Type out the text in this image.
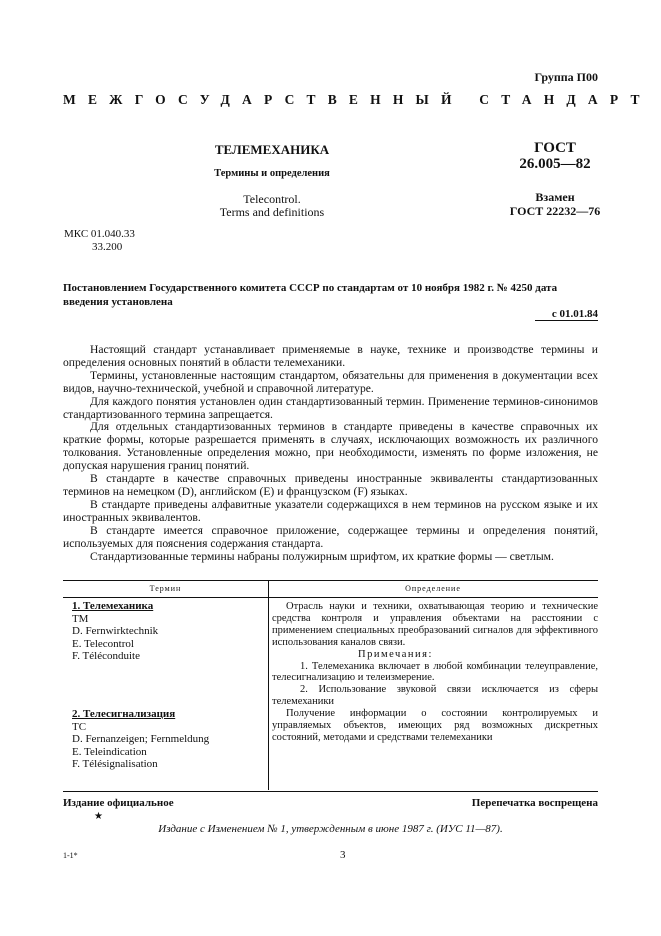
Группа П00
МЕЖГОСУДАРСТВЕННЫЙ СТАНДАРТ
ТЕЛЕМЕХАНИКА
Термины и определения
Telecontrol.
Terms and definitions
ГОСТ
26.005—82
Взамен
ГОСТ 22232—76
МКС 01.040.33
33.200
Постановлением Государственного комитета СССР по стандартам от 10 ноября 1982 г. № 4250 дата введения установлена
с 01.01.84

Настоящий стандарт устанавливает применяемые в науке, технике и производстве термины и определения основных понятий в области телемеханики.

Термины, установленные настоящим стандартом, обязательны для применения в документации всех видов, научно-технической, учебной и справочной литературе.

Для каждого понятия установлен один стандартизованный термин. Применение терминов-синонимов стандартизованного термина запрещается.

Для отдельных стандартизованных терминов в стандарте приведены в качестве справочных их краткие формы, которые разрешается применять в случаях, исключающих возможность их различного толкования. Установленные определения можно, при необходимости, изменять по форме изложения, не допуская нарушения границ понятий.

В стандарте в качестве справочных приведены иностранные эквиваленты стандартизованных терминов на немецком (D), английском (E) и французском (F) языках.

В стандарте приведены алфавитные указатели содержащихся в нем терминов на русском языке и их иностранных эквивалентов.

В стандарте имеется справочное приложение, содержащее термины и определения понятий, используемых для пояснения содержания стандарта.

Стандартизованные термины набраны полужирным шрифтом, их краткие формы — светлым.

Термин	Определение
1. Телемеханика
ТМ
D. Fernwirktechnik
E. Telecontrol
F. Téléconduite

Отрасль науки и техники, охватывающая теорию и технические средства контроля и управления объектами на расстоянии с применением специальных преобразований сигналов для эффективного использования каналов связи.

Примечания:

1. Телемеханика включает в любой комбинации телеуправление, телесигнализацию и телеизмерение.

2. Использование звуковой связи исключается из сферы телемеханики

2. Телесигнализация
ТС
D. Fernanzeigen; Fernmeldung
E. Teleindication
F. Télésignalisation

Получение информации о состоянии контролируемых и управляемых объектов, имеющих ряд возможных дискретных состояний, методами и средствами телемеханики

Издание официальное
★
Перепечатка воспрещена
Издание с Изменением № 1, утвержденным в июне 1987 г. (ИУС 11—87).
1-1*	3
